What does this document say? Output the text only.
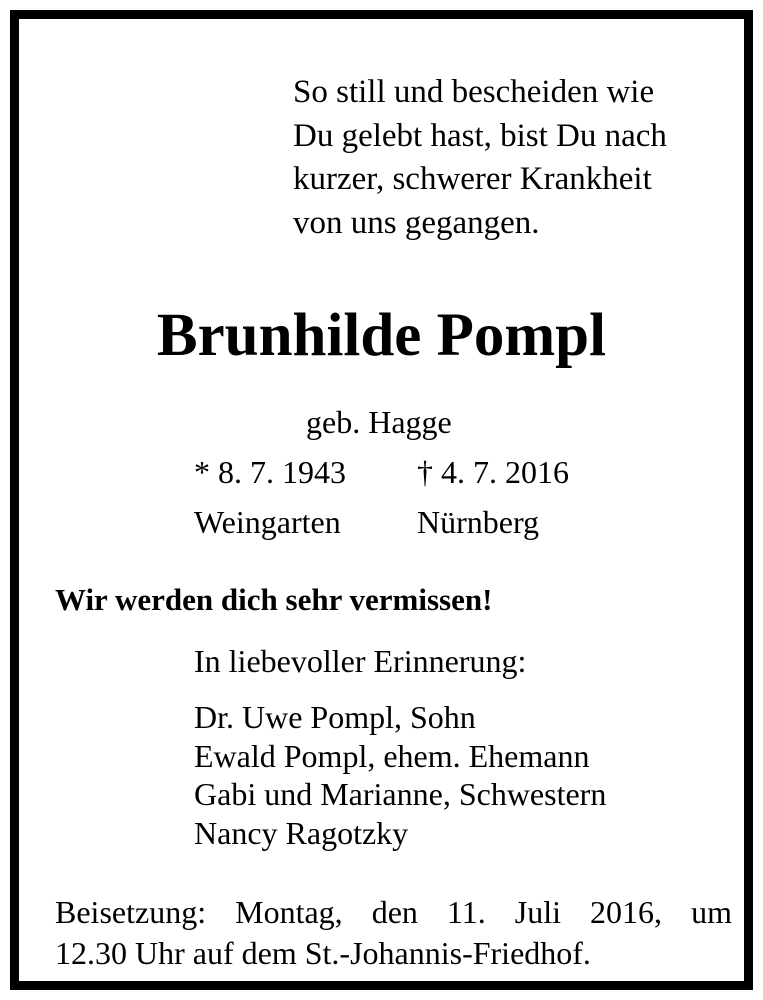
So still und bescheiden wie
Du gelebt hast, bist Du nach
kurzer, schwerer Krankheit
von uns gegangen.
Brunhilde Pompl
geb. Hagge
* 8. 7. 1943 † 4. 7. 2016
Weingarten Nürnberg
Wir werden dich sehr vermissen!
In liebevoller Erinnerung:
Dr. Uwe Pompl, Sohn
Ewald Pompl, ehem. Ehemann
Gabi und Marianne, Schwestern
Nancy Ragotzky
Beisetzung: Montag, den 11. Juli 2016, um
12.30 Uhr auf dem St.-Johannis-Friedhof.
